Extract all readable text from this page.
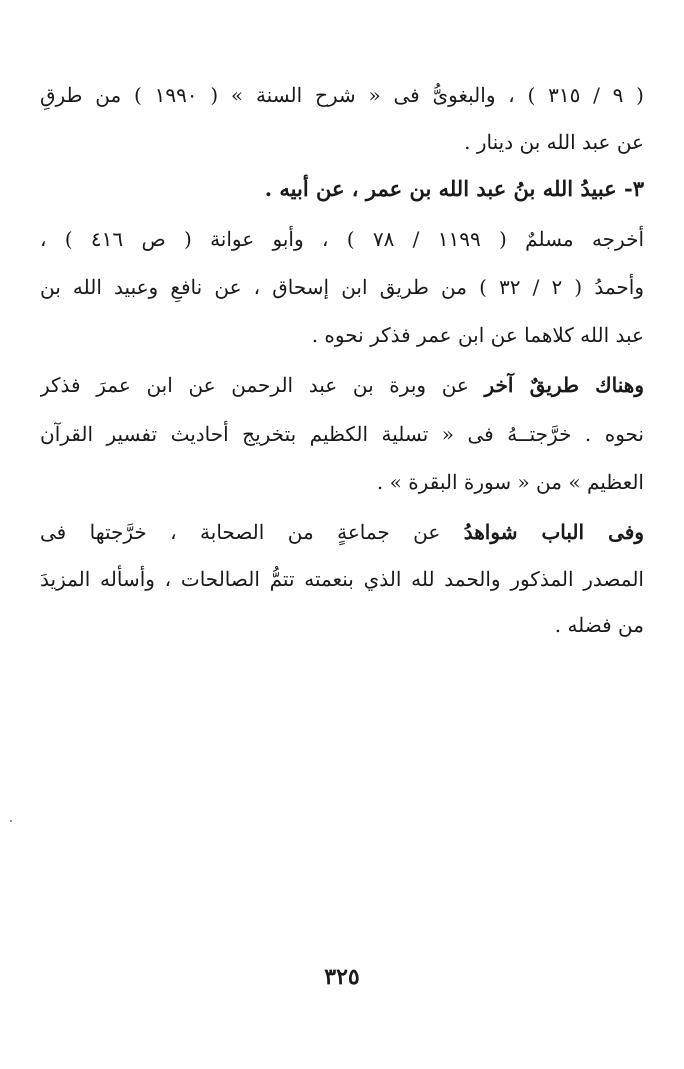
( ٩ / ٣١٥ ) ، والبغوىُّ فى « شرح السنة » ( ١٩٩٠ ) من طرقٍ
عن عبد الله بن دينار .
٣- عبيدُ الله بنُ عبد الله بن عمر ، عن أبيه .
أخرجه مسلمٌ ( ١١٩٩ / ٧٨ ) ، وأبو عوانة ( ص ٤١٦ ) ،
وأحمدُ ( ٢ / ٣٢ ) من طريق ابن إسحاق ، عن نافعٍ وعبيد الله بن
عبد الله كلاهما عن ابن عمر فذكر نحوه .
وهناك طريقٌ آخر عن وبرة بن عبد الرحمن عن ابن عمرَ فذكر
نحوه . خرَّجتــهُ فى « تسلية الكظيم بتخريج أحاديث تفسير القرآن
العظيم » من « سورة البقرة » .
وفى الباب شواهدُ عن جماعةٍ من الصحابة ، خرَّجتها فى
المصدر المذكور والحمد لله الذي بنعمته تتمُّ الصالحات ، وأسأله المزيدَ
من فضله .
٣٢٥
